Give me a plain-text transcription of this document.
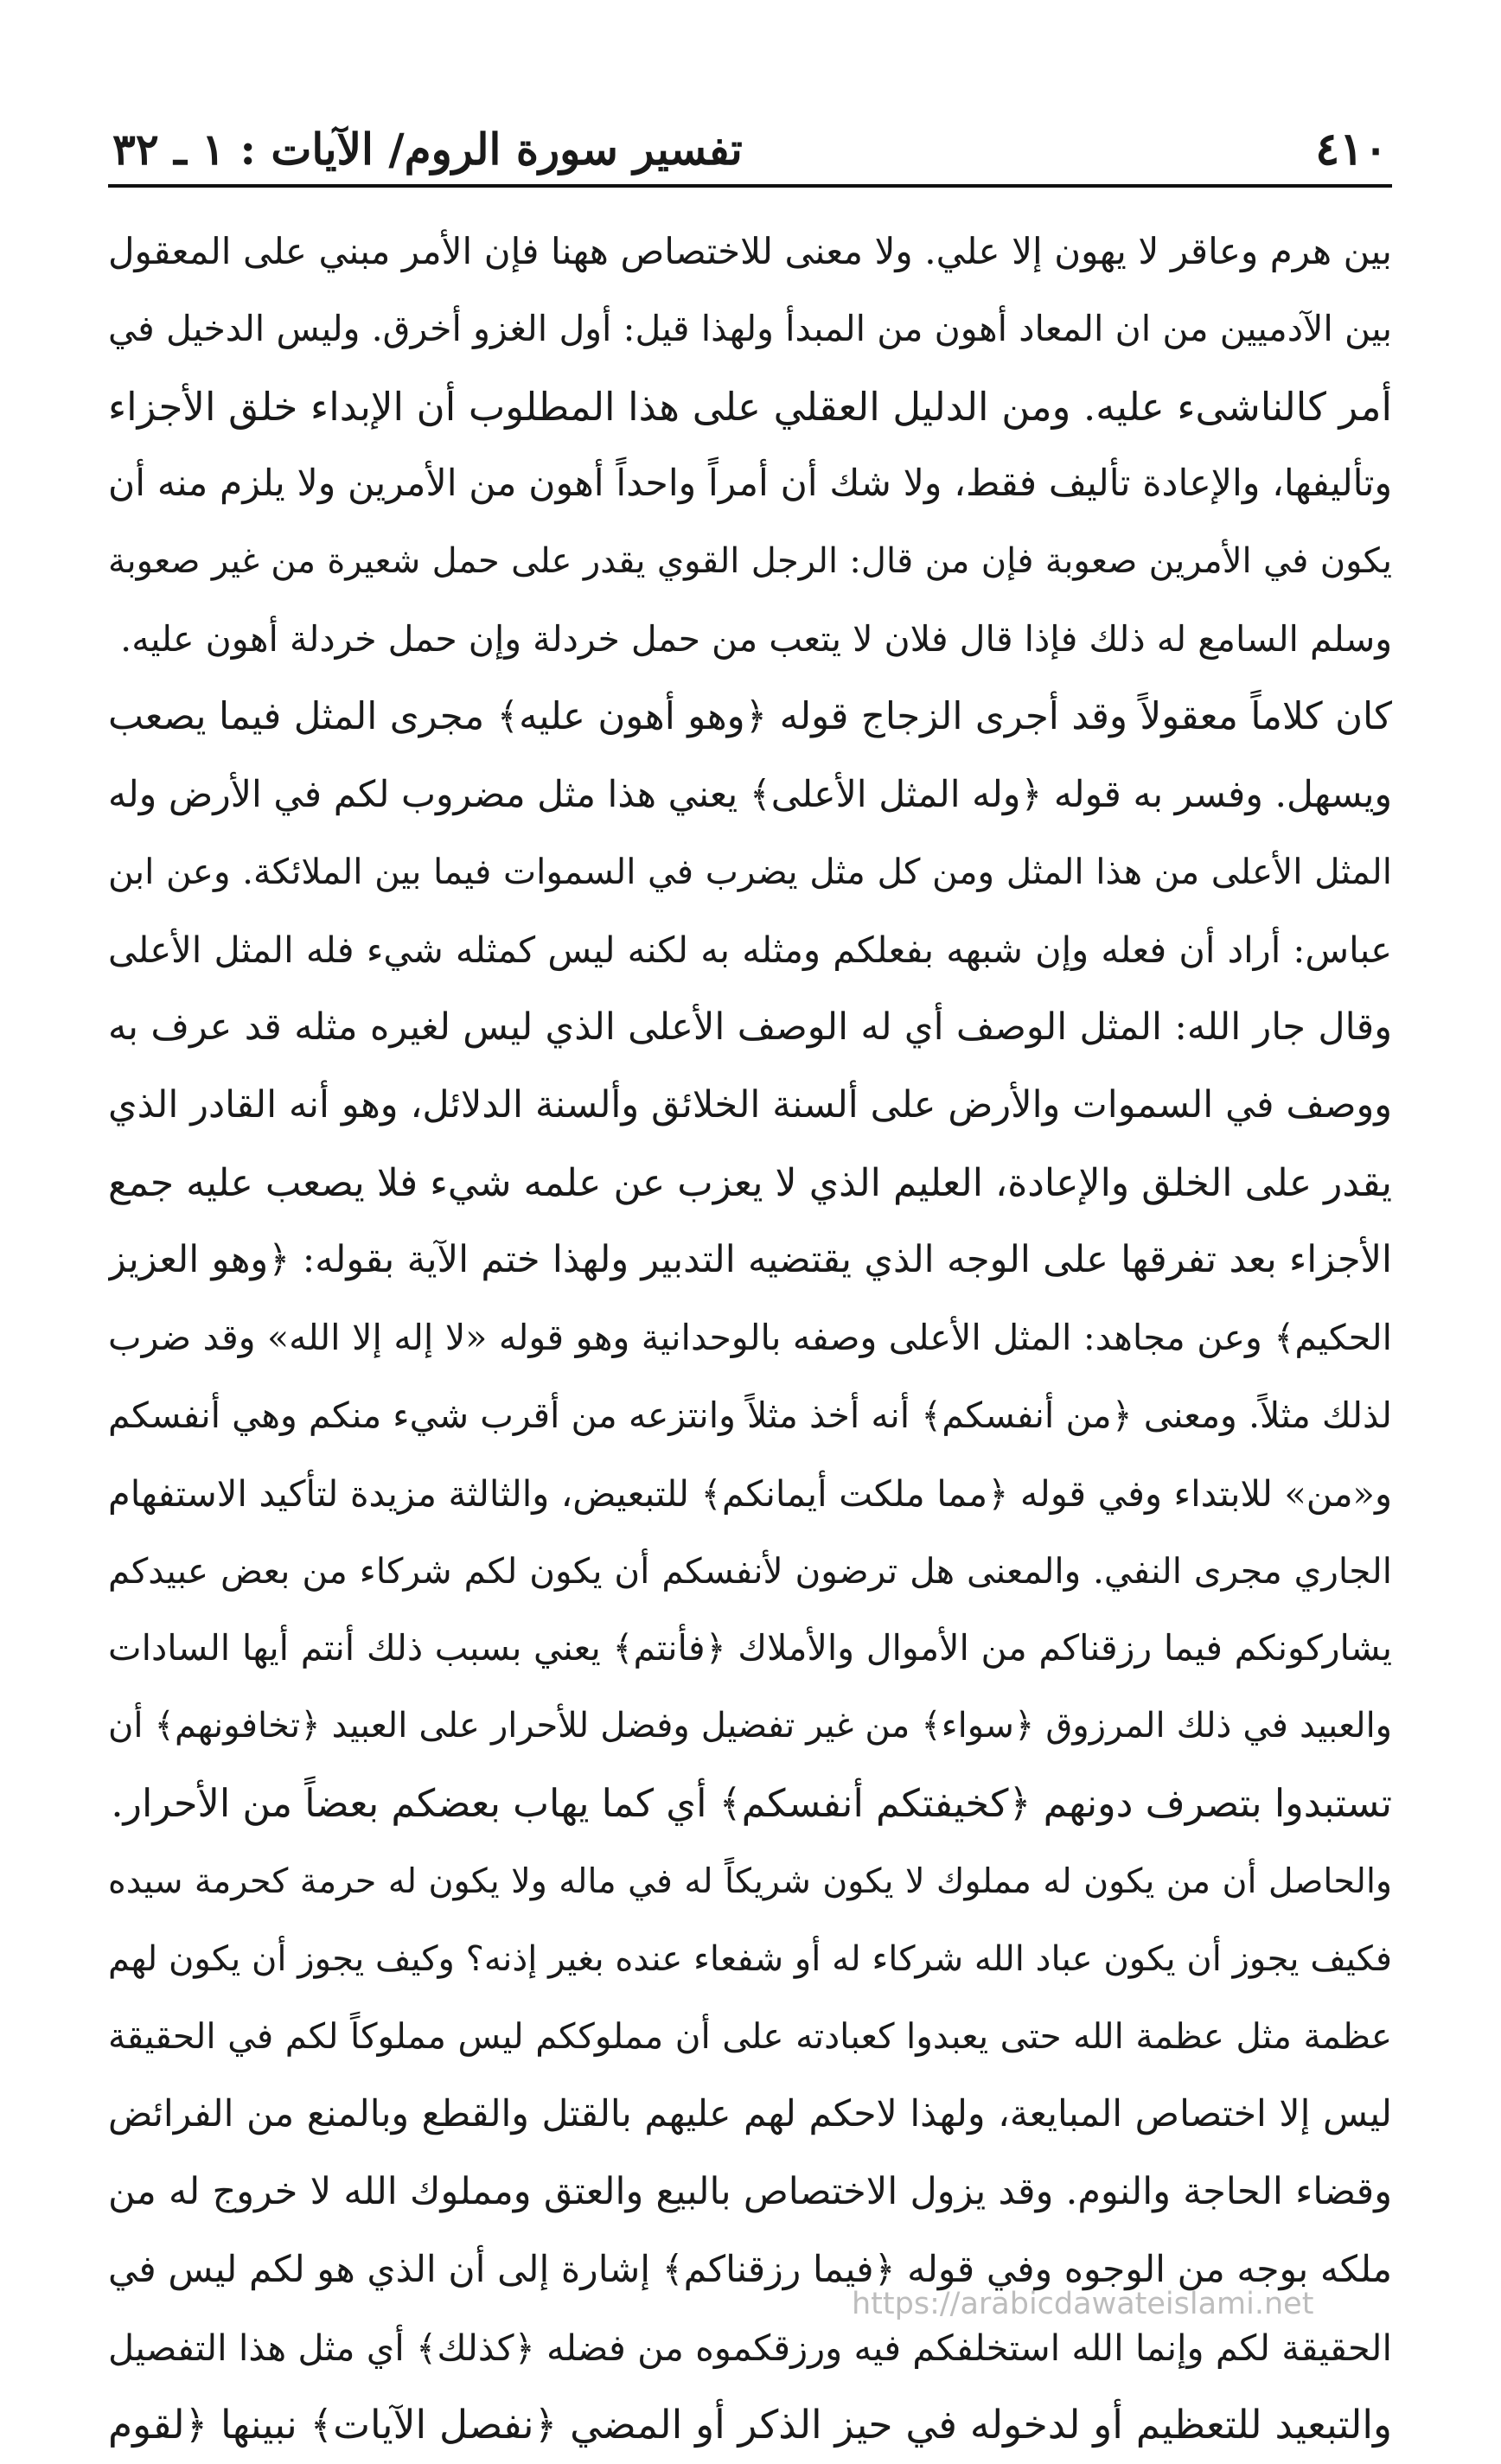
٤١٠
تفسير سورة الروم/ الآيات : ١ ـ ٣٢
بين هرم وعاقر لا يهون إلا علي. ولا معنى للاختصاص ههنا فإن الأمر مبني على المعقول
بين الآدميين من ان المعاد أهون من المبدأ ولهذا قيل: أول الغزو أخرق. وليس الدخيل في
أمر كالناشىء عليه. ومن الدليل العقلي على هذا المطلوب أن الإبداء خلق الأجزاء
وتأليفها، والإعادة تأليف فقط، ولا شك أن أمراً واحداً أهون من الأمرين ولا يلزم منه أن
يكون في الأمرين صعوبة فإن من قال: الرجل القوي يقدر على حمل شعيرة من غير صعوبة
وسلم السامع له ذلك فإذا قال فلان لا يتعب من حمل خردلة وإن حمل خردلة أهون عليه.
كان كلاماً معقولاً وقد أجرى الزجاج قوله ﴿وهو أهون عليه﴾ مجرى المثل فيما يصعب
ويسهل. وفسر به قوله ﴿وله المثل الأعلى﴾ يعني هذا مثل مضروب لكم في الأرض وله
المثل الأعلى من هذا المثل ومن كل مثل يضرب في السموات فيما بين الملائكة. وعن ابن
عباس: أراد أن فعله وإن شبهه بفعلكم ومثله به لكنه ليس كمثله شيء فله المثل الأعلى
وقال جار الله: المثل الوصف أي له الوصف الأعلى الذي ليس لغيره مثله قد عرف به
ووصف في السموات والأرض على ألسنة الخلائق وألسنة الدلائل، وهو أنه القادر الذي
يقدر على الخلق والإعادة، العليم الذي لا يعزب عن علمه شيء فلا يصعب عليه جمع
الأجزاء بعد تفرقها على الوجه الذي يقتضيه التدبير ولهذا ختم الآية بقوله: ﴿وهو العزيز
الحكيم﴾ وعن مجاهد: المثل الأعلى وصفه بالوحدانية وهو قوله «لا إله إلا الله» وقد ضرب
لذلك مثلاً. ومعنى ﴿من أنفسكم﴾ أنه أخذ مثلاً وانتزعه من أقرب شيء منكم وهي أنفسكم
و«من» للابتداء وفي قوله ﴿مما ملكت أيمانكم﴾ للتبعيض، والثالثة مزيدة لتأكيد الاستفهام
الجاري مجرى النفي. والمعنى هل ترضون لأنفسكم أن يكون لكم شركاء من بعض عبيدكم
يشاركونكم فيما رزقناكم من الأموال والأملاك ﴿فأنتم﴾ يعني بسبب ذلك أنتم أيها السادات
والعبيد في ذلك المرزوق ﴿سواء﴾ من غير تفضيل وفضل للأحرار على العبيد ﴿تخافونهم﴾ أن
تستبدوا بتصرف دونهم ﴿كخيفتكم أنفسكم﴾ أي كما يهاب بعضكم بعضاً من الأحرار.
والحاصل أن من يكون له مملوك لا يكون شريكاً له في ماله ولا يكون له حرمة كحرمة سيده
فكيف يجوز أن يكون عباد الله شركاء له أو شفعاء عنده بغير إذنه؟ وكيف يجوز أن يكون لهم
عظمة مثل عظمة الله حتى يعبدوا كعبادته على أن مملوككم ليس مملوكاً لكم في الحقيقة
ليس إلا اختصاص المبايعة، ولهذا لاحكم لهم عليهم بالقتل والقطع وبالمنع من الفرائض
وقضاء الحاجة والنوم. وقد يزول الاختصاص بالبيع والعتق ومملوك الله لا خروج له من
ملكه بوجه من الوجوه وفي قوله ﴿فيما رزقناكم﴾ إشارة إلى أن الذي هو لكم ليس في
الحقيقة لكم وإنما الله استخلفكم فيه ورزقكموه من فضله ﴿كذلك﴾ أي مثل هذا التفصيل
والتبعيد للتعظيم أو لدخوله في حيز الذكر أو المضي ﴿نفصل الآيات﴾ نبينها ﴿لقوم
https://arabicdawateislami.net
